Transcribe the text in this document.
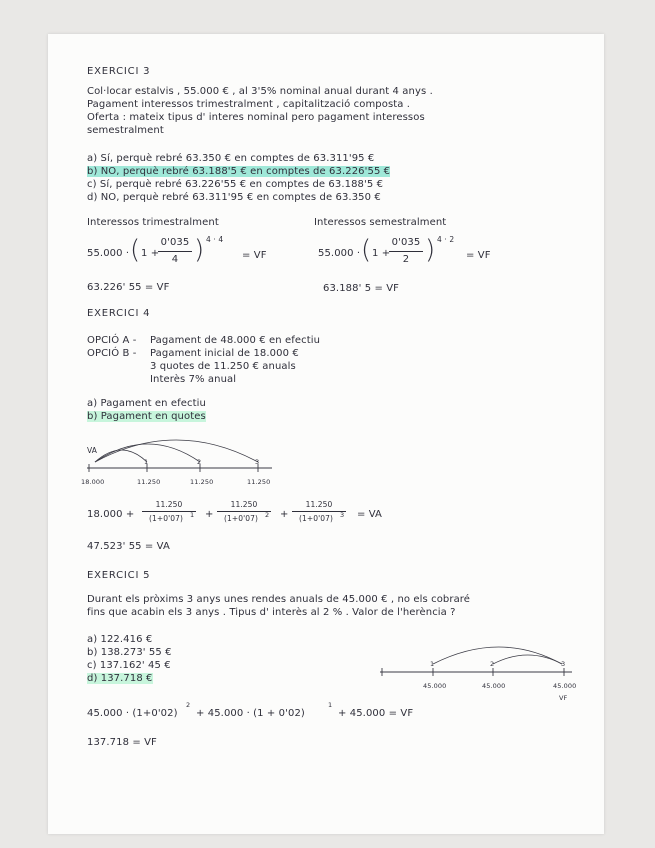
EXERCICI 3
Col·locar estalvis , 55.000 € , al 3'5% nominal anual durant 4 anys .
Pagament interessos trimestralment , capitalització composta .
Oferta : mateix tipus d' interes nominal pero pagament interessos
semestralment
a) Sí, perquè rebré 63.350 € en comptes de 63.311'95 €
b) NO, perquè rebré 63.188'5 € en comptes de 63.226'55 €
c) Sí, perquè rebré 63.226'55 € en comptes de 63.188'5 €
d) NO, perquè rebré 63.311'95 € en comptes de 63.350 €
Interessos trimestralment
55.000 · ( 1 +
0'035
4 ) 4 · 4
= VF
63.226' 55 = VF
Interessos semestralment
55.000 · ( 1 +
0'035
2 ) 4 · 2
= VF
63.188' 5 = VF
EXERCICI 4
OPCIÓ A - Pagament de 48.000 € en efectiu
OPCIÓ B - Pagament inicial de 18.000 €
3 quotes de 11.250 € anuals
Interès 7% anual
a) Pagament en efectiu
b) Pagament en quotes
VA
1	2	3
18.000	11.250	11.250	11.250
18.000 +
11.250
(1+0'07)	1 +
11.250
(1+0'07)	2 +
11.250
(1+0'07)	3 = VA
47.523' 55 = VA
EXERCICI 5
Durant els pròxims 3 anys unes rendes anuals de 45.000 € , no els cobraré
fins que acabin els 3 anys . Tipus d' interès al 2 % . Valor de l'herència ?
a) 122.416 €
b) 138.273' 55 €
c) 137.162' 45 €
d) 137.718 €
1	2	3
45.000	45.000	45.000
VF
45.000 · (1+0'02)
2
+ 45.000 · (1 + 0'02)
1
+ 45.000 = VF
137.718 = VF
